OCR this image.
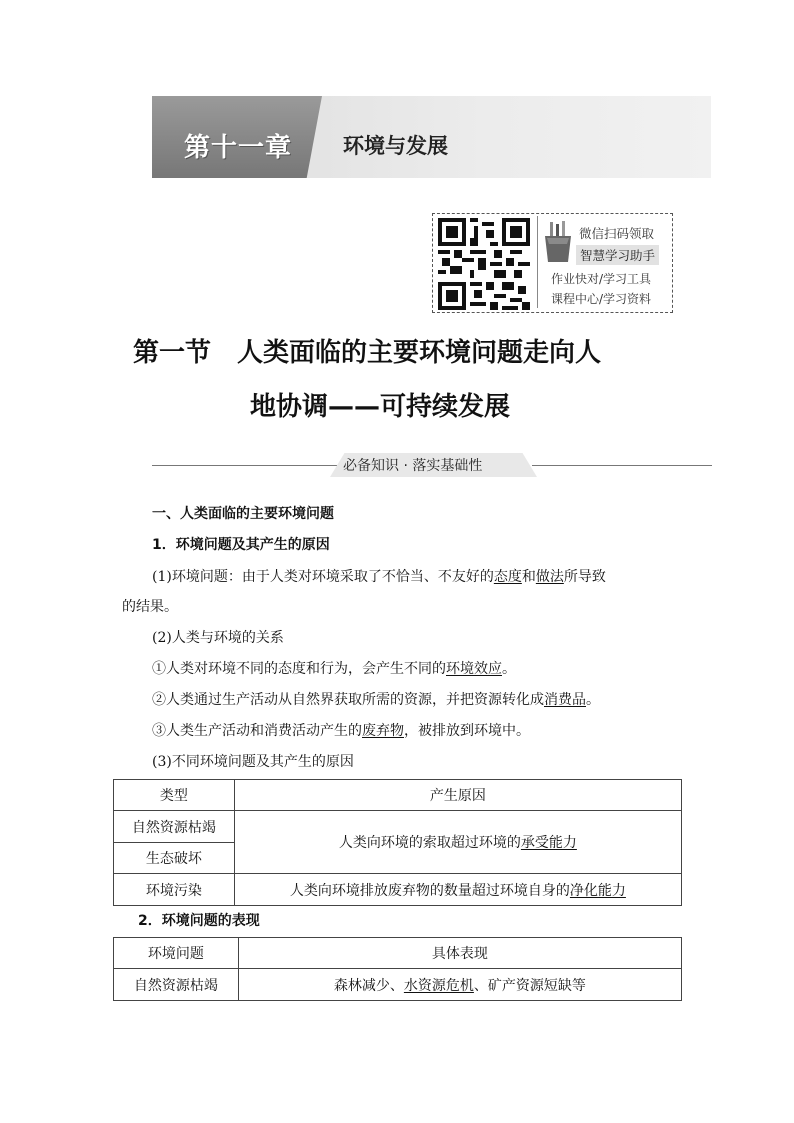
第十一章	环境与发展
微信扫码领取
智慧学习助手
作业快对/学习工具
课程中心/学习资料
第一节　人类面临的主要环境问题走向人
地协调——可持续发展
必备知识 · 落实基础性
一、人类面临的主要环境问题
1．环境问题及其产生的原因
(1)环境问题：由于人类对环境采取了不恰当、不友好的态度和做法所导致
的结果。
(2)人类与环境的关系
①人类对环境不同的态度和行为，会产生不同的环境效应。
②人类通过生产活动从自然界获取所需的资源，并把资源转化成消费品。
③人类生产活动和消费活动产生的废弃物，被排放到环境中。
(3)不同环境问题及其产生的原因
类型	产生原因
自然资源枯竭	人类向环境的索取超过环境的承受能力
生态破坏	
环境污染	人类向环境排放废弃物的数量超过环境自身的净化能力
2．环境问题的表现
环境问题	具体表现
自然资源枯竭	森林减少、水资源危机、矿产资源短缺等
